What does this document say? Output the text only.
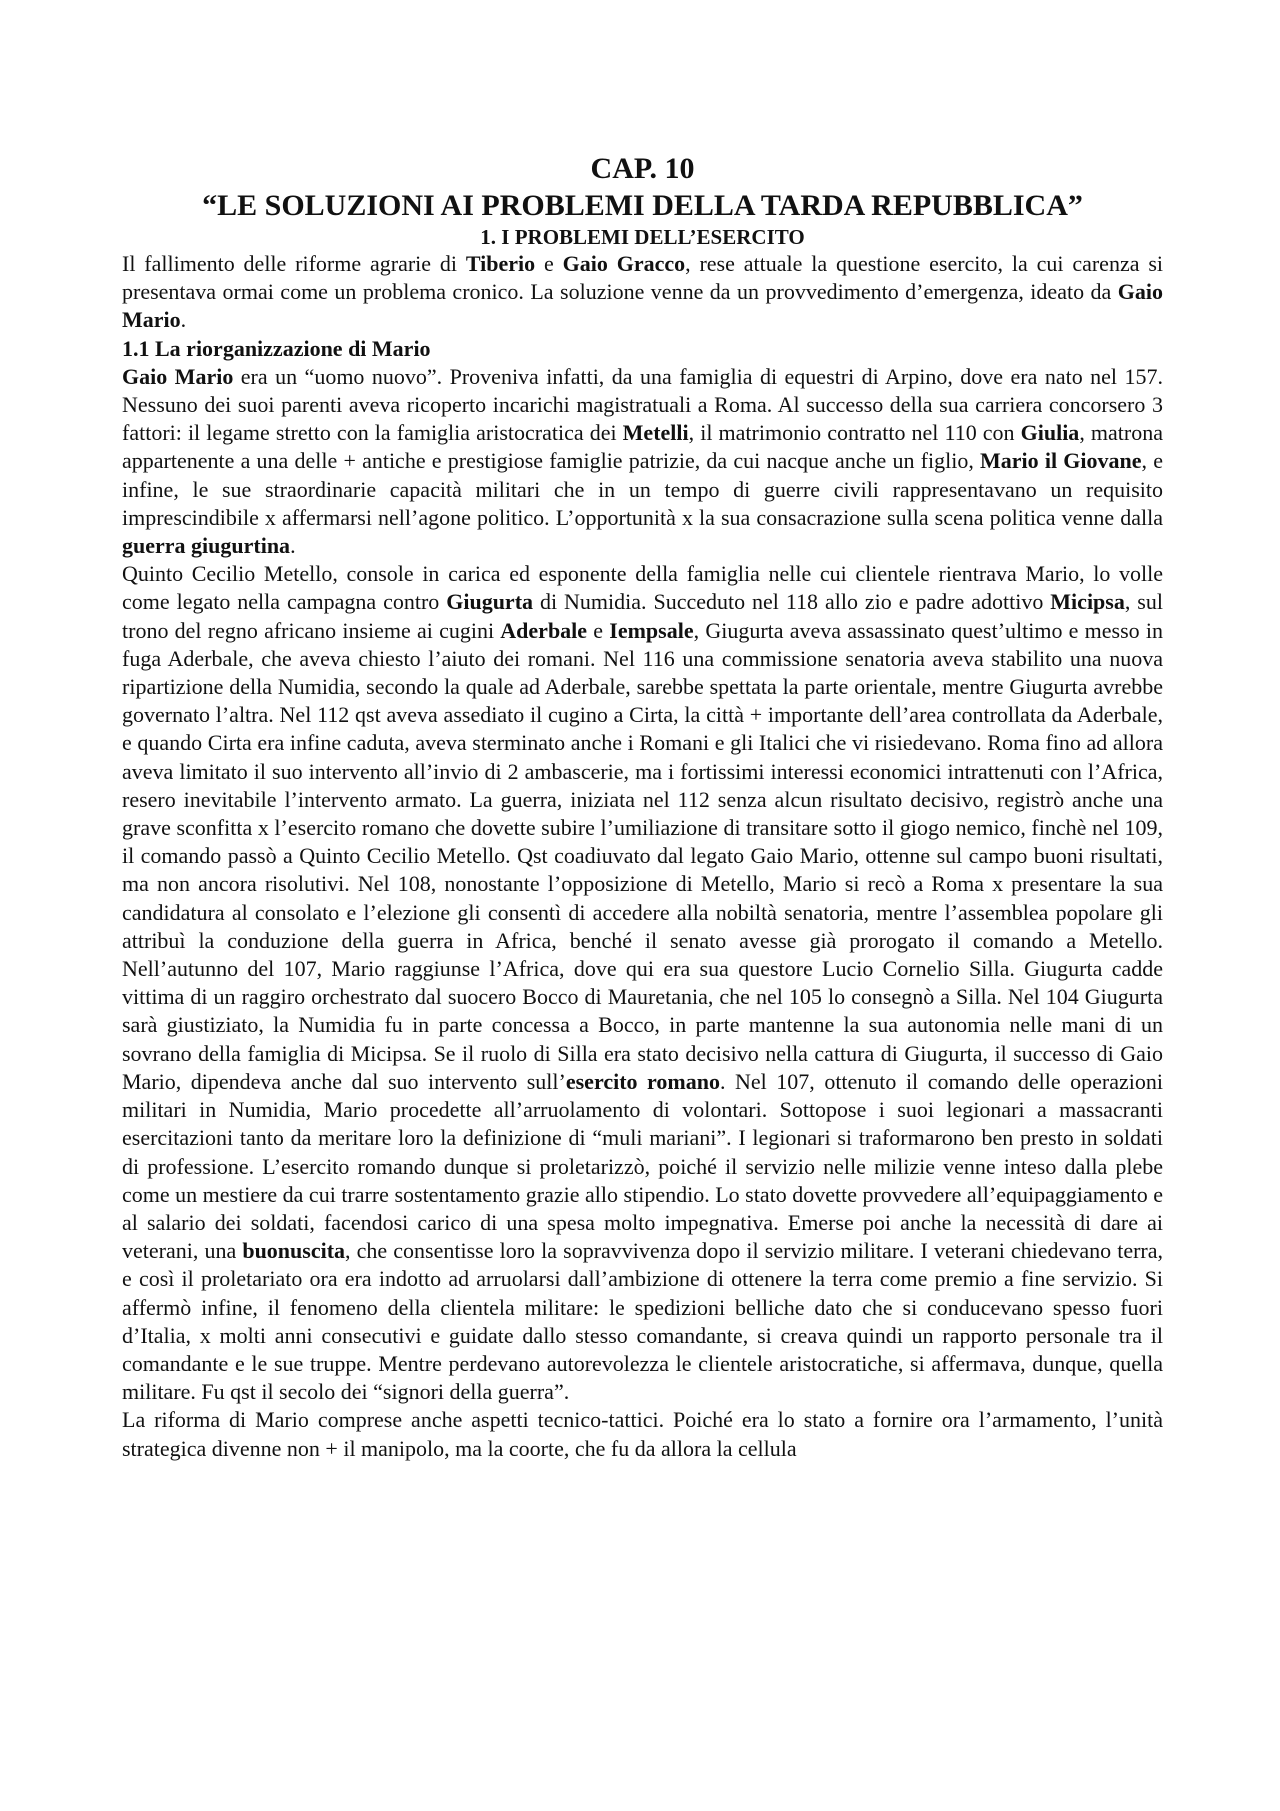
CAP. 10
“LE SOLUZIONI AI PROBLEMI DELLA TARDA REPUBBLICA”
1. I PROBLEMI DELL’ESERCITO

Il fallimento delle riforme agrarie di Tiberio e Gaio Gracco, rese attuale la questione esercito, la cui carenza si presentava ormai come un problema cronico. La soluzione venne da un provvedimento d’emergenza, ideato da Gaio Mario.

1.1 La riorganizzazione di Mario

Gaio Mario era un “uomo nuovo”. Proveniva infatti, da una famiglia di equestri di Arpino, dove era nato nel 157. Nessuno dei suoi parenti aveva ricoperto incarichi magistratuali a Roma. Al successo della sua carriera concorsero 3 fattori: il legame stretto con la famiglia aristocratica dei Metelli, il matrimonio contratto nel 110 con Giulia, matrona appartenente a una delle + antiche e prestigiose famiglie patrizie, da cui nacque anche un figlio, Mario il Giovane, e infine, le sue straordinarie capacità militari che in un tempo di guerre civili rappresentavano un requisito imprescindibile x affermarsi nell’agone politico. L’opportunità x la sua consacrazione sulla scena politica venne dalla guerra giugurtina.

Quinto Cecilio Metello, console in carica ed esponente della famiglia nelle cui clientele rientrava Mario, lo volle come legato nella campagna contro Giugurta di Numidia. Succeduto nel 118 allo zio e padre adottivo Micipsa, sul trono del regno africano insieme ai cugini Aderbale e Iempsale, Giugurta aveva assassinato quest’ultimo e messo in fuga Aderbale, che aveva chiesto l’aiuto dei romani. Nel 116 una commissione senatoria aveva stabilito una nuova ripartizione della Numidia, secondo la quale ad Aderbale, sarebbe spettata la parte orientale, mentre Giugurta avrebbe governato l’altra. Nel 112 qst aveva assediato il cugino a Cirta, la città + importante dell’area controllata da Aderbale, e quando Cirta era infine caduta, aveva sterminato anche i Romani e gli Italici che vi risiedevano. Roma fino ad allora aveva limitato il suo intervento all’invio di 2 ambascerie, ma i fortissimi interessi economici intrattenuti con l’Africa, resero inevitabile l’intervento armato. La guerra, iniziata nel 112 senza alcun risultato decisivo, registrò anche una grave sconfitta x l’esercito romano che dovette subire l’umiliazione di transitare sotto il giogo nemico, finchè nel 109, il comando passò a Quinto Cecilio Metello. Qst coadiuvato dal legato Gaio Mario, ottenne sul campo buoni risultati, ma non ancora risolutivi. Nel 108, nonostante l’opposizione di Metello, Mario si recò a Roma x presentare la sua candidatura al consolato e l’elezione gli consentì di accedere alla nobiltà senatoria, mentre l’assemblea popolare gli attribuì la conduzione della guerra in Africa, benché il senato avesse già prorogato il comando a Metello. Nell’autunno del 107, Mario raggiunse l’Africa, dove qui era sua questore Lucio Cornelio Silla. Giugurta cadde vittima di un raggiro orchestrato dal suocero Bocco di Mauretania, che nel 105 lo consegnò a Silla. Nel 104 Giugurta sarà giustiziato, la Numidia fu in parte concessa a Bocco, in parte mantenne la sua autonomia nelle mani di un sovrano della famiglia di Micipsa. Se il ruolo di Silla era stato decisivo nella cattura di Giugurta, il successo di Gaio Mario, dipendeva anche dal suo intervento sull’esercito romano. Nel 107, ottenuto il comando delle operazioni militari in Numidia, Mario procedette all’arruolamento di volontari. Sottopose i suoi legionari a massacranti esercitazioni tanto da meritare loro la definizione di “muli mariani”. I legionari si traformarono ben presto in soldati di professione. L’esercito romando dunque si proletarizzò, poiché il servizio nelle milizie venne inteso dalla plebe come un mestiere da cui trarre sostentamento grazie allo stipendio. Lo stato dovette provvedere all’equipaggiamento e al salario dei soldati, facendosi carico di una spesa molto impegnativa. Emerse poi anche la necessità di dare ai veterani, una buonuscita, che consentisse loro la sopravvivenza dopo il servizio militare. I veterani chiedevano terra, e così il proletariato ora era indotto ad arruolarsi dall’ambizione di ottenere la terra come premio a fine servizio. Si affermò infine, il fenomeno della clientela militare: le spedizioni belliche dato che si conducevano spesso fuori d’Italia, x molti anni consecutivi e guidate dallo stesso comandante, si creava quindi un rapporto personale tra il comandante e le sue truppe. Mentre perdevano autorevolezza le clientele aristocratiche, si affermava, dunque, quella militare. Fu qst il secolo dei “signori della guerra”.

La riforma di Mario comprese anche aspetti tecnico-tattici. Poiché era lo stato a fornire ora l’armamento, l’unità strategica divenne non + il manipolo, ma la coorte, che fu da allora la cellula
